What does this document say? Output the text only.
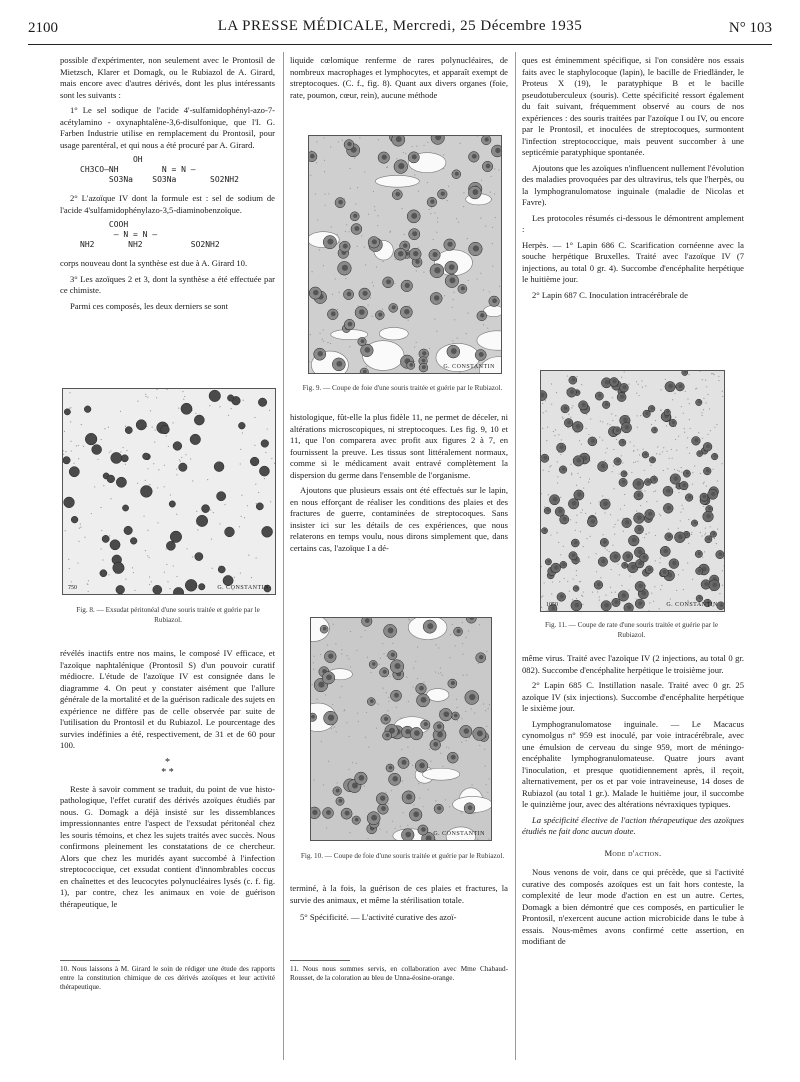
2100	LA PRESSE MÉDICALE, Mercredi, 25 Décembre 1935	N° 103

possible d'expérimenter, non seulement avec le Prontosil de Mietzsch, Klarer et Domagk, ou le Rubiazol de A. Girard, mais encore avec d'autres dérivés, dont les plus intéressants sont les suivants :

1° Le sel sodique de l'acide 4'-sulfamidophényl-azo-7-acétylamino - oxynaphtalène-3,6-disulfonique, que l'I. G. Farben Industrie utilise en remplacement du Prontosil, pour usage parentéral, et qui nous a été procuré par A. Girard.

OH
CH3CO—NH         N = N —
SO3Na    SO3Na       SO2NH2

2° L'azoïque IV dont la formule est : sel de sodium de l'acide 4'sulfamidophénylazo-3,5-diaminobenzoïque.

COOH
— N = N —
NH2       NH2          SO2NH2

corps nouveau dont la synthèse est due à A. Girard 10.

3° Les azoïques 2 et 3, dont la synthèse a été effectuée par ce chimiste.

Parmi ces composés, les deux derniers se sont

750	G. CONSTANTIN
Fig. 8. — Exsudat péritonéal d'une souris traitée et guérie par le Rubiazol.

révélés inactifs entre nos mains, le composé IV efficace, et l'azoïque naphtalénique (Prontosil S) d'un pouvoir curatif médiocre. L'étude de l'azoïque IV est consignée dans le diagramme 4. On peut y constater aisément que l'allure générale de la mortalité et de la guérison radicale des sujets en expérience ne diffère pas de celle observée par suite de l'utilisation du Prontosil et du Rubiazol. Le pourcentage des survies indéfinies a été, respectivement, de 31 et de 60 pour 100.

*
* *

Reste à savoir comment se traduit, du point de vue histo-pathologique, l'effet curatif des dérivés azoïques étudiés par nous. G. Domagk a déjà insisté sur les dissemblances impressionnantes entre l'aspect de l'exsudat péritonéal chez les souris témoins, et chez les sujets traités avec succès. Nous confirmons pleinement les constatations de ce chercheur. Alors que chez les muridés ayant succombé à l'infection streptococcique, cet exsudat contient d'innombrables coccus en chaînettes et des leucocytes polynucléaires lysés (c. f. fig. 1), par contre, chez les animaux en voie de guérison thérapeutique, le

10. Nous laissons à M. Girard le soin de rédiger une étude des rapports entre la constitution chimique de ces dérivés azoïques et leur activité thérapeutique.

liquide cœlomique renferme de rares polynucléaires, de nombreux macrophages et lymphocytes, et apparaît exempt de streptocoques. (C. f., fig. 8). Quant aux divers organes (foie, rate, poumon, cœur, rein), aucune méthode

G. CONSTANTIN
Fig. 9. — Coupe de foie d'une souris traitée et guérie par le Rubiazol.

histologique, fût-elle la plus fidèle 11, ne permet de déceler, ni altérations microscopiques, ni streptocoques. Les fig. 9, 10 et 11, que l'on comparera avec profit aux figures 2 à 7, en fournissent la preuve. Les tissus sont littéralement normaux, comme si le médicament avait entravé complètement la dispersion du germe dans l'ensemble de l'organisme.

Ajoutons que plusieurs essais ont été effectués sur le lapin, en nous efforçant de réaliser les conditions des plaies et des fractures de guerre, contaminées de streptocoques. Sans insister ici sur les détails de ces expériences, que nous relaterons en temps voulu, nous dirons simplement que, dans certains cas, l'azoïque I a dé-

G. CONSTANTIN
Fig. 10. — Coupe de foie d'une souris traitée et guérie par le Rubiazol.

terminé, à la fois, la guérison de ces plaies et fractures, la survie des animaux, et même la stérilisation totale.

5° Spécificité. — L'activité curative des azoï-

11. Nous nous sommes servis, en collaboration avec Mme Chabaud-Rousset, de la coloration au bleu de Unna-éosine-orange.

ques est éminemment spécifique, si l'on considère nos essais faits avec le staphylocoque (lapin), le bacille de Friedländer, le Proteus X (19), le paratyphique B et le bacille pseudotuberculeux (souris). Cette spécificité ressort également du fait suivant, fréquemment observé au cours de nos expériences : des souris traitées par l'azoïque I ou IV, ou encore par le Prontosil, et inoculées de streptocoques, surmontent l'infection streptococcique, mais peuvent succomber à une septicémie paratyphique spontanée.

Ajoutons que les azoïques n'influencent nullement l'évolution des maladies provoquées par des ultravirus, tels que l'herpès, ou la lymphogranulomatose inguinale (maladie de Nicolas et Favre).

Les protocoles résumés ci-dessous le démontrent amplement :

Herpès. — 1° Lapin 686 C. Scarification cornéenne avec la souche herpétique Bruxelles. Traité avec l'azoïque IV (7 injections, au total 0 gr. 4). Succombe d'encéphalite herpétique le huitième jour.

2° Lapin 687 C. Inoculation intracérébrale de

1050	G. CONSTANTIN
Fig. 11. — Coupe de rate d'une souris traitée et guérie par le Rubiazol.

même virus. Traité avec l'azoïque IV (2 injections, au total 0 gr. 082). Succombe d'encéphalite herpétique le troisième jour.

2° Lapin 685 C. Instillation nasale. Traité avec 0 gr. 25 azoïque IV (six injections). Succombe d'encéphalite herpétique le sixième jour.

Lymphogranulomatose inguinale. — Le Macacus cynomolgus n° 959 est inoculé, par voie intracérébrale, avec une émulsion de cerveau du singe 959, mort de méningo-encéphalite lymphogranulomateuse. Quatre jours avant l'inoculation, et presque quotidiennement après, il reçoit, alternativement, per os et par voie intraveineuse, 14 doses de Rubiazol (au total 1 gr.). Malade le huitième jour, il succombe le quinzième jour, avec des altérations névraxiques typiques.

La spécificité élective de l'action thérapeutique des azoïques étudiés ne fait donc aucun doute.

Mode d'action.

Nous venons de voir, dans ce qui précède, que si l'activité curative des composés azoïques est un fait hors conteste, la complexité de leur mode d'action en est un autre. Certes, Domagk a bien démontré que ces composés, en particulier le Prontosil, n'exercent aucune action microbicide dans le tube à essais. Nous-mêmes avons confirmé cette assertion, en modifiant de
